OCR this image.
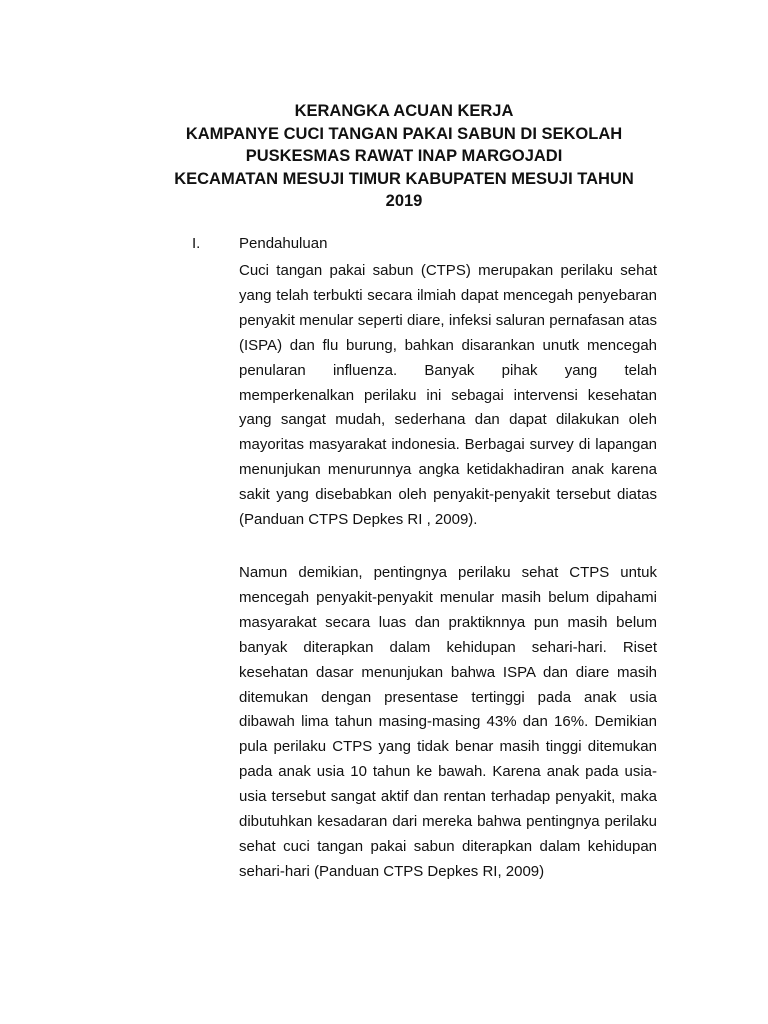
KERANGKA ACUAN KERJA
KAMPANYE CUCI TANGAN PAKAI SABUN DI SEKOLAH
PUSKESMAS RAWAT INAP MARGOJADI
KECAMATAN MESUJI TIMUR KABUPATEN MESUJI TAHUN
2019
I.	Pendahuluan

Cuci tangan pakai sabun (CTPS) merupakan perilaku sehat yang telah terbukti secara ilmiah dapat mencegah penyebaran penyakit menular seperti diare, infeksi saluran pernafasan atas (ISPA) dan flu burung, bahkan disarankan unutk mencegah penularan influenza. Banyak pihak yang telah memperkenalkan perilaku ini sebagai intervensi kesehatan yang sangat mudah, sederhana dan dapat dilakukan oleh mayoritas masyarakat indonesia. Berbagai survey di lapangan menunjukan menurunnya angka ketidakhadiran anak karena sakit yang disebabkan oleh penyakit-penyakit tersebut diatas (Panduan CTPS Depkes RI , 2009).

Namun demikian, pentingnya perilaku sehat CTPS untuk mencegah penyakit-penyakit menular masih belum dipahami masyarakat secara luas dan praktiknnya pun masih belum banyak diterapkan dalam kehidupan sehari-hari. Riset kesehatan dasar menunjukan bahwa ISPA dan diare masih ditemukan dengan presentase tertinggi pada anak usia dibawah lima tahun masing-masing 43% dan 16%. Demikian pula perilaku CTPS yang tidak benar masih tinggi ditemukan pada anak usia 10 tahun ke bawah. Karena anak pada usia-usia tersebut sangat aktif dan rentan terhadap penyakit, maka dibutuhkan kesadaran dari mereka bahwa pentingnya perilaku sehat cuci tangan pakai sabun diterapkan dalam kehidupan sehari-hari (Panduan CTPS Depkes RI, 2009)
